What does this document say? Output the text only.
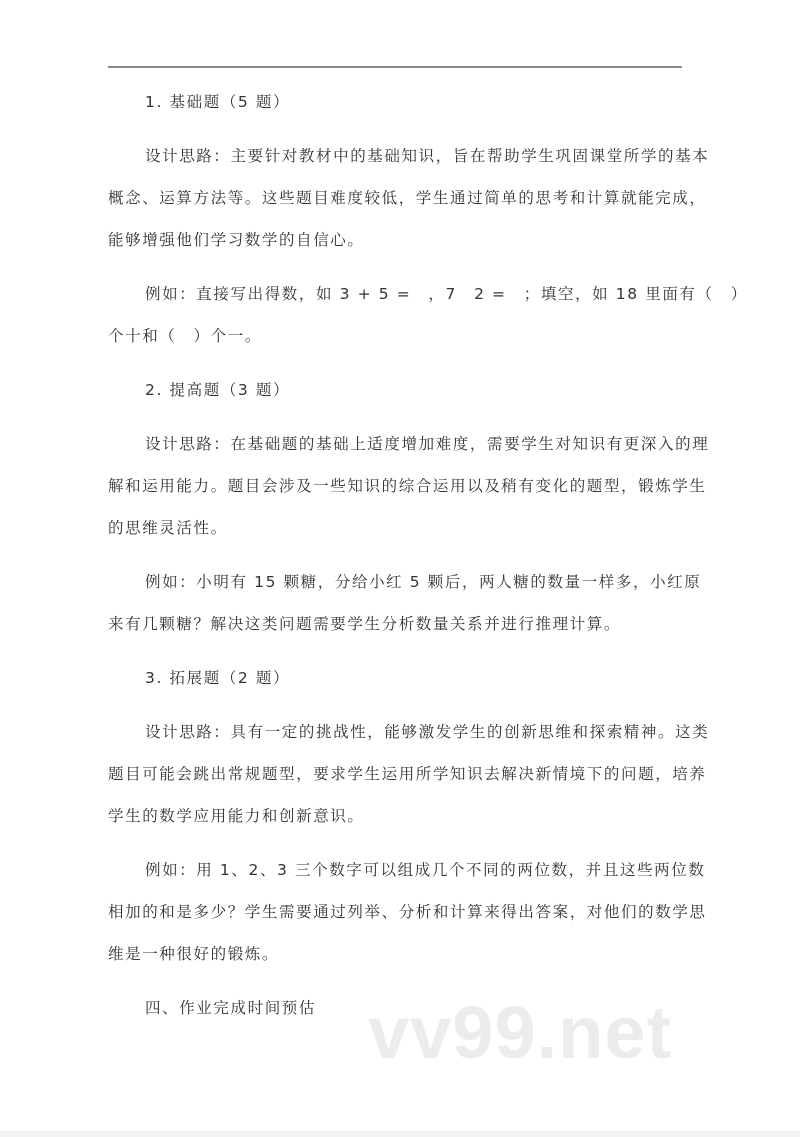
1. 基础题（5 题）
设计思路：主要针对教材中的基础知识，旨在帮助学生巩固课堂所学的基本
概念、运算方法等。这些题目难度较低，学生通过简单的思考和计算就能完成，
能够增强他们学习数学的自信心。
例如：直接写出得数，如 3 + 5 =　，7　2 =　；填空，如 18 里面有（　）
个十和（　）个一。
2. 提高题（3 题）
设计思路：在基础题的基础上适度增加难度，需要学生对知识有更深入的理
解和运用能力。题目会涉及一些知识的综合运用以及稍有变化的题型，锻炼学生
的思维灵活性。
例如：小明有 15 颗糖，分给小红 5 颗后，两人糖的数量一样多，小红原
来有几颗糖？解决这类问题需要学生分析数量关系并进行推理计算。
3. 拓展题（2 题）
设计思路：具有一定的挑战性，能够激发学生的创新思维和探索精神。这类
题目可能会跳出常规题型，要求学生运用所学知识去解决新情境下的问题，培养
学生的数学应用能力和创新意识。
例如：用 1、2、3 三个数字可以组成几个不同的两位数，并且这些两位数
相加的和是多少？学生需要通过列举、分析和计算来得出答案，对他们的数学思
维是一种很好的锻炼。
四、作业完成时间预估 vv99.net
